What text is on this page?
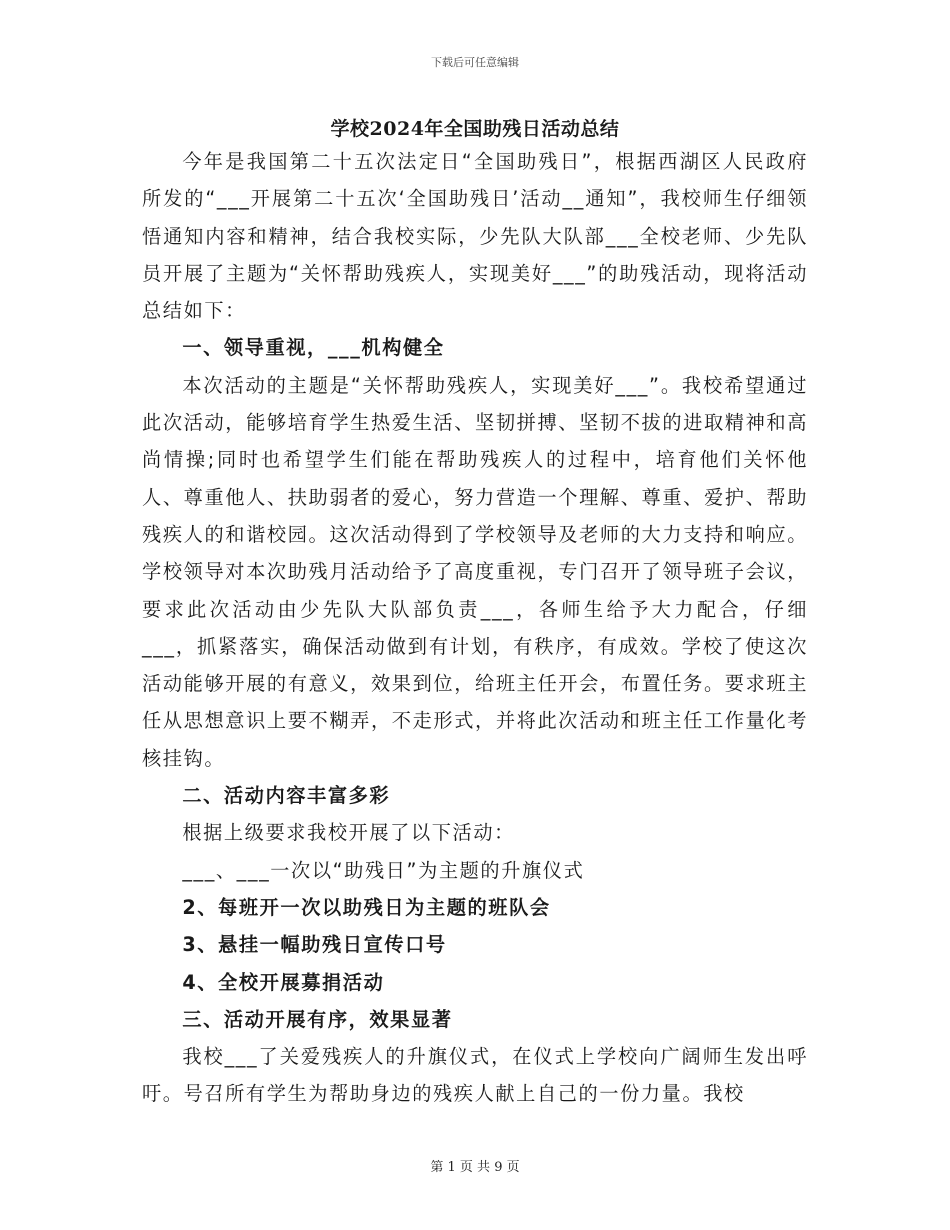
下载后可任意编辑
学校2024年全国助残日活动总结

今年是我国第二十五次法定日“全国助残日”，根据西湖区人民政府所发的“___开展第二十五次‘全国助残日’活动__通知”，我校师生仔细领悟通知内容和精神，结合我校实际，少先队大队部___全校老师、少先队员开展了主题为“关怀帮助残疾人，实现美好___”的助残活动，现将活动总结如下：

一、领导重视，___机构健全

本次活动的主题是“关怀帮助残疾人，实现美好___”。我校希望通过此次活动，能够培育学生热爱生活、坚韧拼搏、坚韧不拔的进取精神和高尚情操;同时也希望学生们能在帮助残疾人的过程中，培育他们关怀他人、尊重他人、扶助弱者的爱心，努力营造一个理解、尊重、爱护、帮助残疾人的和谐校园。这次活动得到了学校领导及老师的大力支持和响应。学校领导对本次助残月活动给予了高度重视，专门召开了领导班子会议，要求此次活动由少先队大队部负责___，各师生给予大力配合，仔细___，抓紧落实，确保活动做到有计划，有秩序，有成效。学校了使这次活动能够开展的有意义，效果到位，给班主任开会，布置任务。要求班主任从思想意识上要不糊弄，不走形式，并将此次活动和班主任工作量化考核挂钩。

二、活动内容丰富多彩

根据上级要求我校开展了以下活动：

___、___一次以“助残日”为主题的升旗仪式

2、每班开一次以助残日为主题的班队会

3、悬挂一幅助残日宣传口号

4、全校开展募捐活动

三、活动开展有序，效果显著

我校___了关爱残疾人的升旗仪式，在仪式上学校向广阔师生发出呼吁。号召所有学生为帮助身边的残疾人献上自己的一份力量。我校

第 1 页 共 9 页
